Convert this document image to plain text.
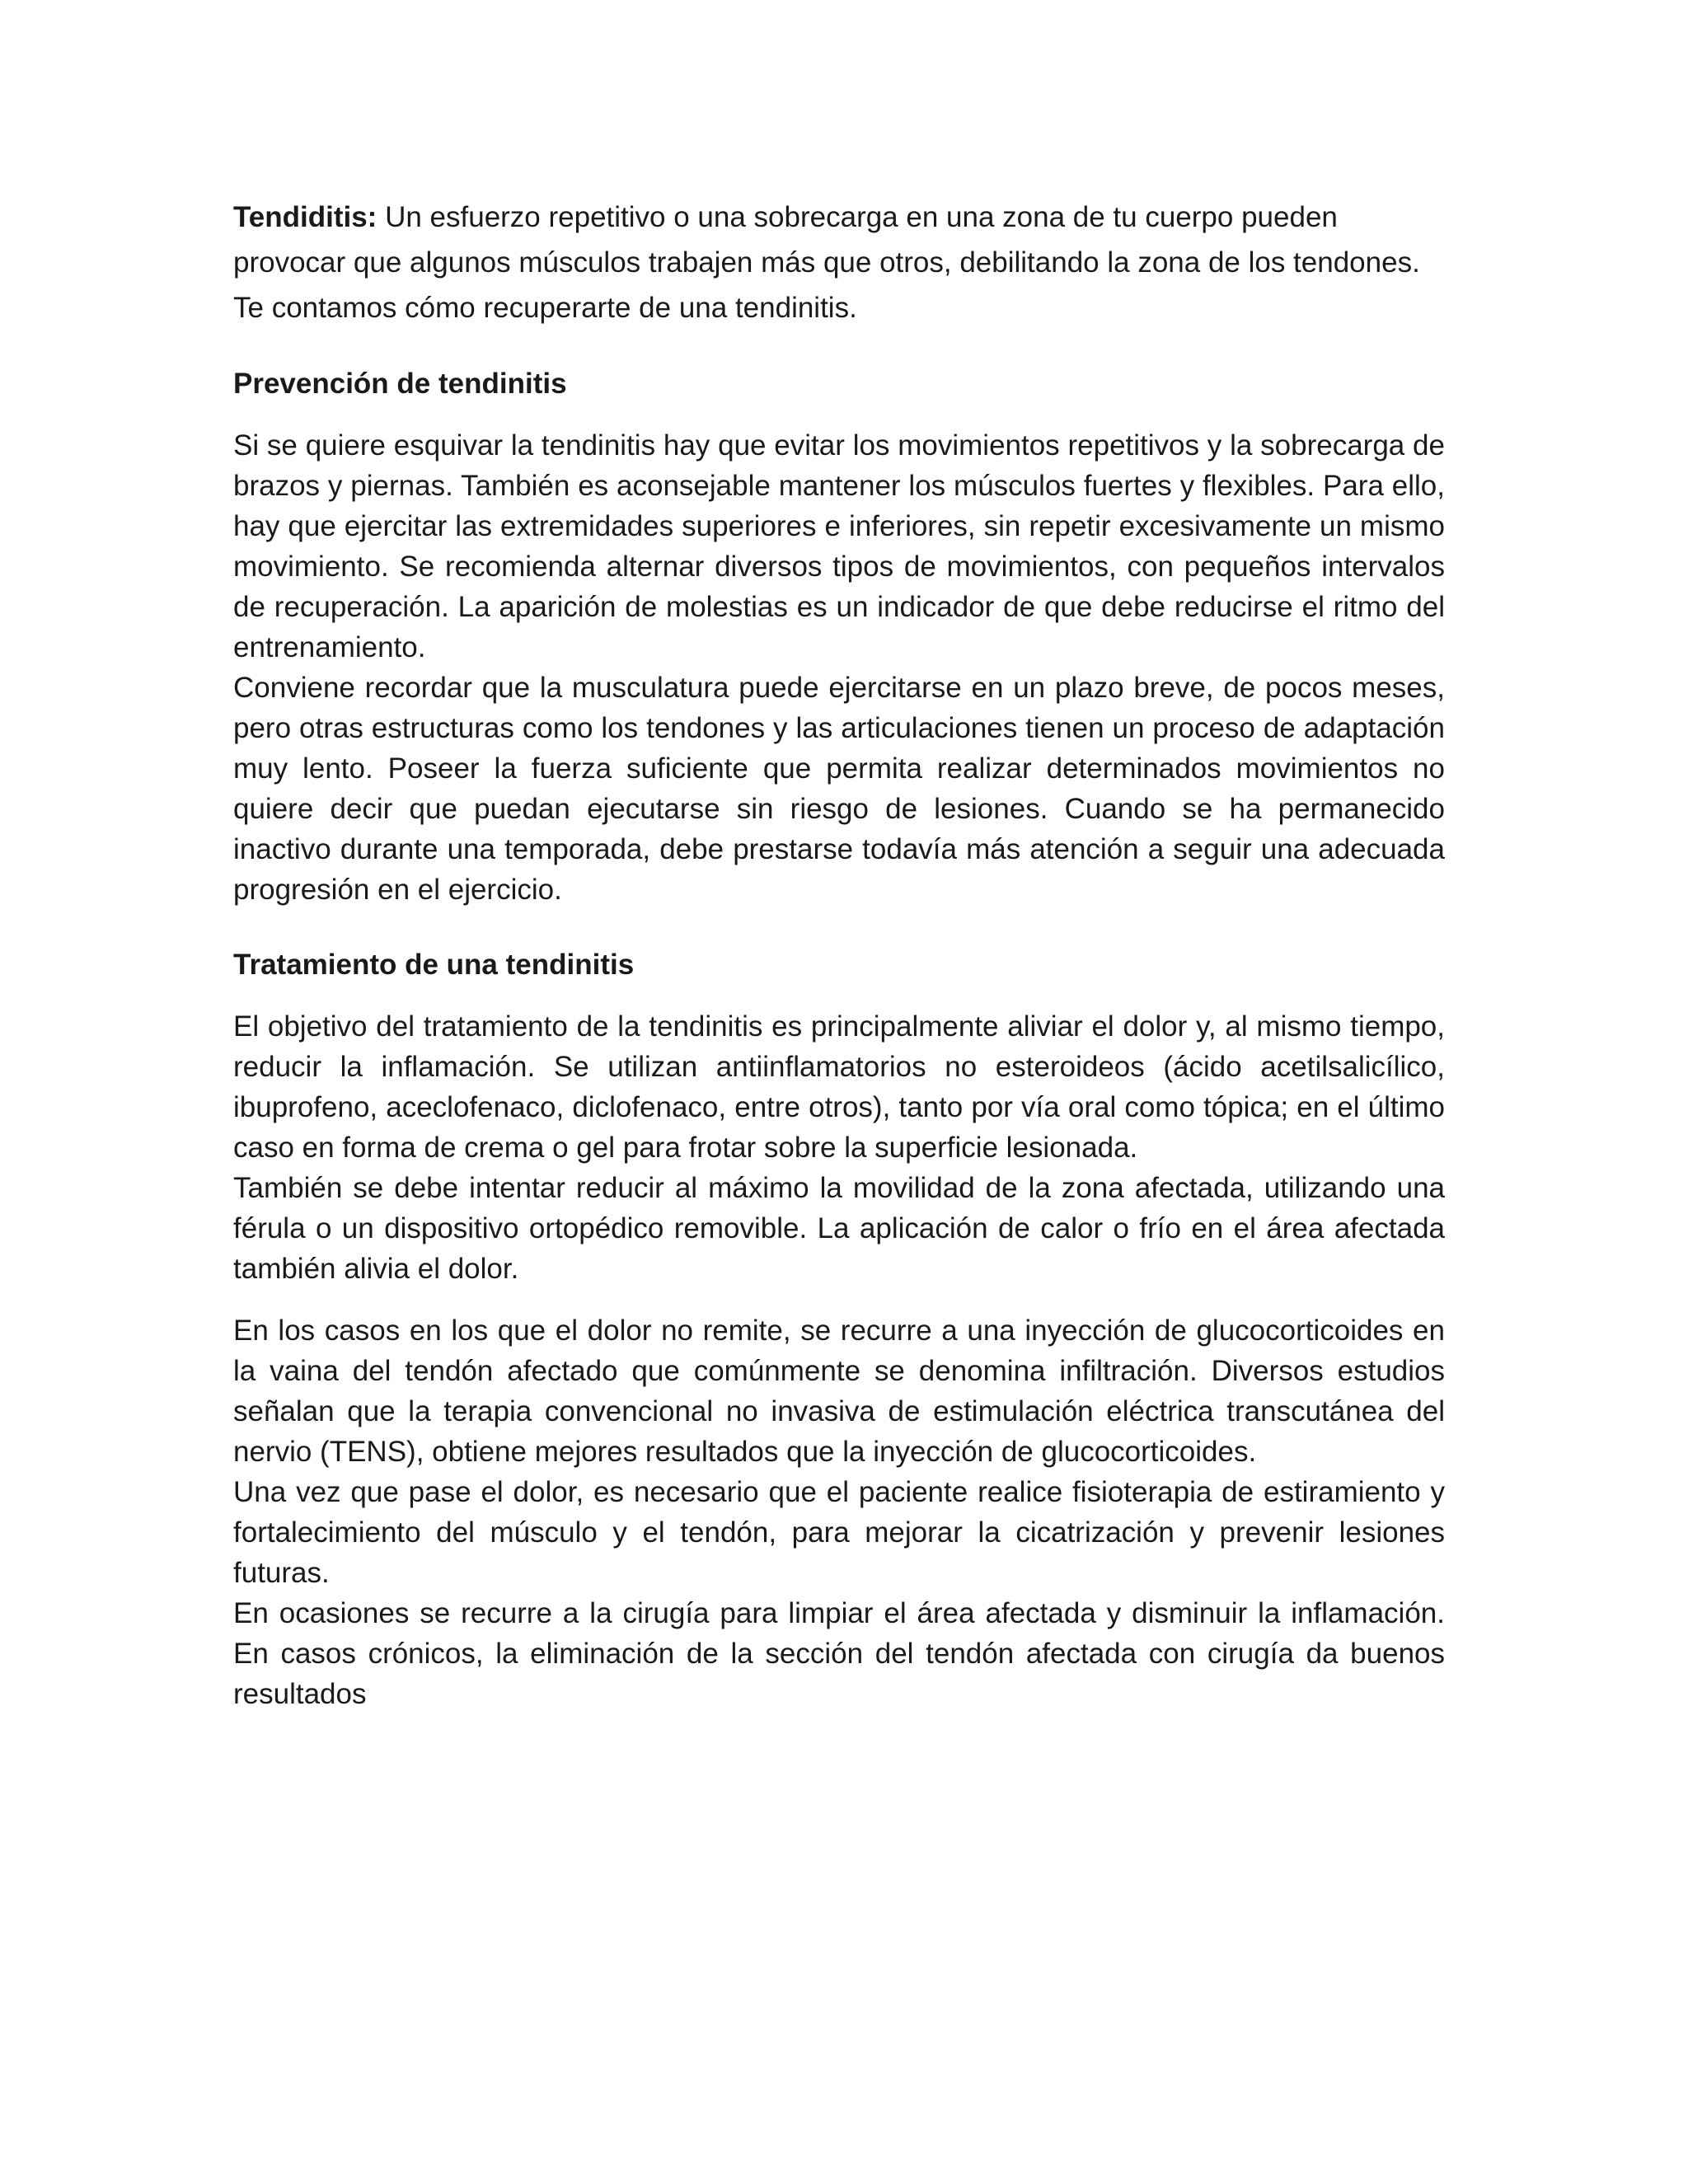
Tendiditis: Un esfuerzo repetitivo o una sobrecarga en una zona de tu cuerpo pueden provocar que algunos músculos trabajen más que otros, debilitando la zona de los tendones. Te contamos cómo recuperarte de una tendinitis.

Prevención de tendinitis

Si se quiere esquivar la tendinitis hay que evitar los movimientos repetitivos y la sobrecarga de brazos y piernas. También es aconsejable mantener los músculos fuertes y flexibles. Para ello, hay que ejercitar las extremidades superiores e inferiores, sin repetir excesivamente un mismo movimiento. Se recomienda alternar diversos tipos de movimientos, con pequeños intervalos de recuperación. La aparición de molestias es un indicador de que debe reducirse el ritmo del entrenamiento.

Conviene recordar que la musculatura puede ejercitarse en un plazo breve, de pocos meses, pero otras estructuras como los tendones y las articulaciones tienen un proceso de adaptación muy lento. Poseer la fuerza suficiente que permita realizar determinados movimientos no quiere decir que puedan ejecutarse sin riesgo de lesiones. Cuando se ha permanecido inactivo durante una temporada, debe prestarse todavía más atención a seguir una adecuada progresión en el ejercicio.

Tratamiento de una tendinitis

El objetivo del tratamiento de la tendinitis es principalmente aliviar el dolor y, al mismo tiempo, reducir la inflamación. Se utilizan antiinflamatorios no esteroideos (ácido acetilsalicílico, ibuprofeno, aceclofenaco, diclofenaco, entre otros), tanto por vía oral como tópica; en el último caso en forma de crema o gel para frotar sobre la superficie lesionada.

También se debe intentar reducir al máximo la movilidad de la zona afectada, utilizando una férula o un dispositivo ortopédico removible. La aplicación de calor o frío en el área afectada también alivia el dolor.

En los casos en los que el dolor no remite, se recurre a una inyección de glucocorticoides en la vaina del tendón afectado que comúnmente se denomina infiltración. Diversos estudios señalan que la terapia convencional no invasiva de estimulación eléctrica transcutánea del nervio (TENS), obtiene mejores resultados que la inyección de glucocorticoides.

Una vez que pase el dolor, es necesario que el paciente realice fisioterapia de estiramiento y fortalecimiento del músculo y el tendón, para mejorar la cicatrización y prevenir lesiones futuras.

En ocasiones se recurre a la cirugía para limpiar el área afectada y disminuir la inflamación. En casos crónicos, la eliminación de la sección del tendón afectada con cirugía da buenos resultados
